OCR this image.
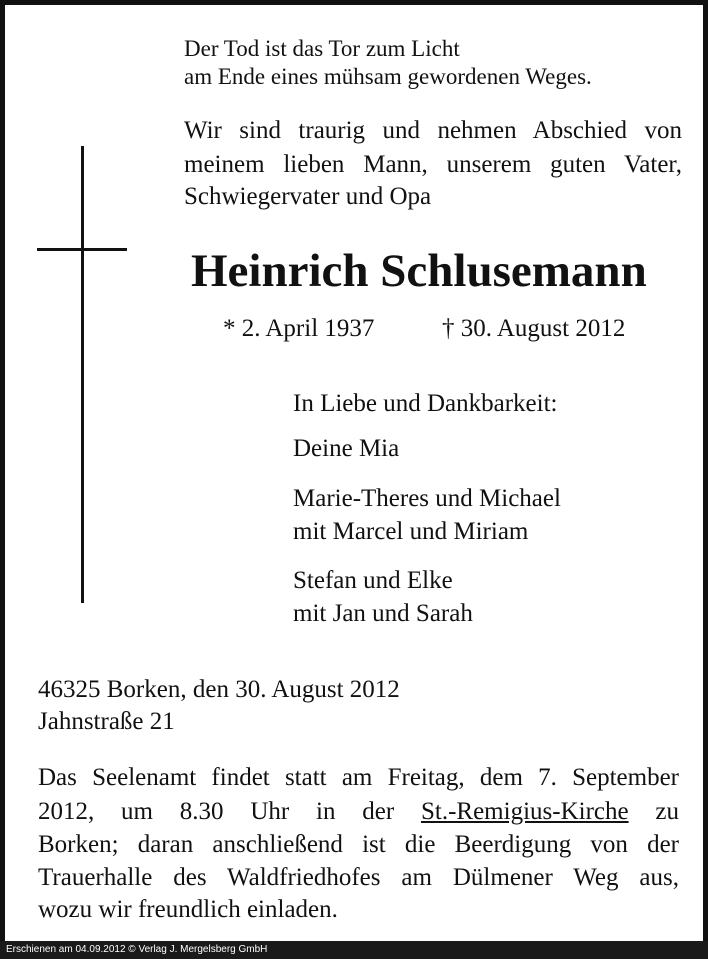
Der Tod ist das Tor zum Licht
am Ende eines mühsam gewordenen Weges.
Wir sind traurig und nehmen Abschied von
meinem lieben Mann, unserem guten Vater,
Schwiegervater und Opa
Heinrich Schlusemann
* 2. April 1937	† 30. August 2012
In Liebe und Dankbarkeit:
Deine Mia
Marie-Theres und Michael
mit Marcel und Miriam
Stefan und Elke
mit Jan und Sarah
46325 Borken, den 30. August 2012
Jahnstraße 21
Das Seelenamt findet statt am Freitag, dem 7. September
2012, um 8.30 Uhr in der St.-Remigius-Kirche zu
Borken; daran anschließend ist die Beerdigung von der
Trauerhalle des Waldfriedhofes am Dülmener Weg aus,
wozu wir freundlich einladen.
Erschienen am 04.09.2012 © Verlag J. Mergelsberg GmbH
